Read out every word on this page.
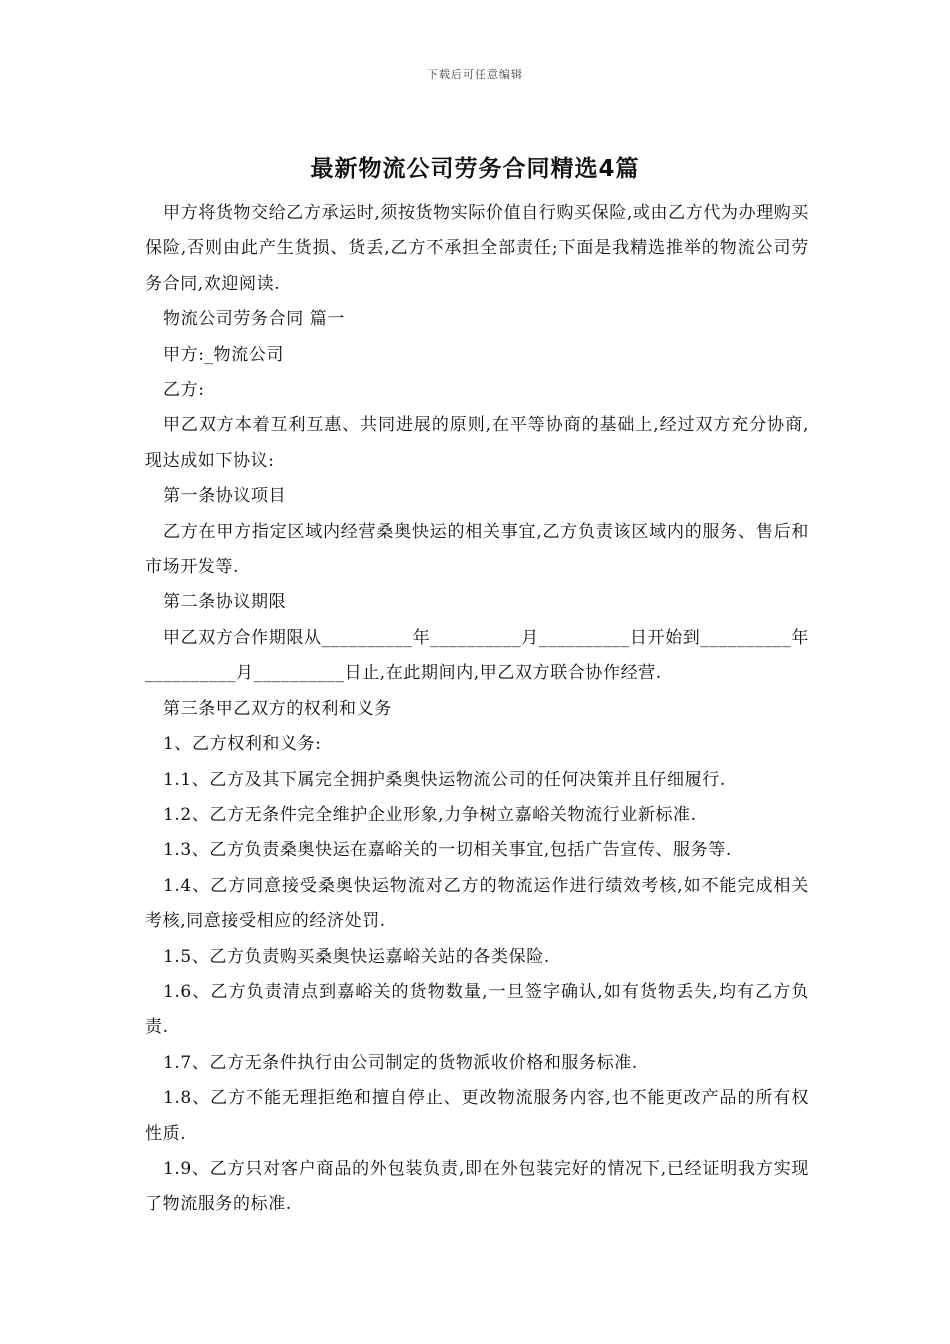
下载后可任意编辑
最新物流公司劳务合同精选4篇

甲方将货物交给乙方承运时,须按货物实际价值自行购买保险,或由乙方代为办理购买保险,否则由此产生货损、货丢,乙方不承担全部责任;下面是我精选推举的物流公司劳务合同,欢迎阅读.

物流公司劳务合同 篇一

甲方:_物流公司

乙方:

甲乙双方本着互利互惠、共同进展的原则,在平等协商的基础上,经过双方充分协商,现达成如下协议:

第一条协议项目

乙方在甲方指定区域内经营桑奥快运的相关事宜,乙方负责该区域内的服务、售后和市场开发等.

第二条协议期限

甲乙双方合作期限从__________年__________月__________日开始到__________年__________月__________日止,在此期间内,甲乙双方联合协作经营.

第三条甲乙双方的权利和义务

1、乙方权利和义务:

1.1、乙方及其下属完全拥护桑奥快运物流公司的任何决策并且仔细履行.

1.2、乙方无条件完全维护企业形象,力争树立嘉峪关物流行业新标准.

1.3、乙方负责桑奥快运在嘉峪关的一切相关事宜,包括广告宣传、服务等.

1.4、乙方同意接受桑奥快运物流对乙方的物流运作进行绩效考核,如不能完成相关考核,同意接受相应的经济处罚.

1.5、乙方负责购买桑奥快运嘉峪关站的各类保险.

1.6、乙方负责清点到嘉峪关的货物数量,一旦签字确认,如有货物丢失,均有乙方负责.

1.7、乙方无条件执行由公司制定的货物派收价格和服务标准.

1.8、乙方不能无理拒绝和擅自停止、更改物流服务内容,也不能更改产品的所有权性质.

1.9、乙方只对客户商品的外包装负责,即在外包装完好的情况下,已经证明我方实现了物流服务的标准.
